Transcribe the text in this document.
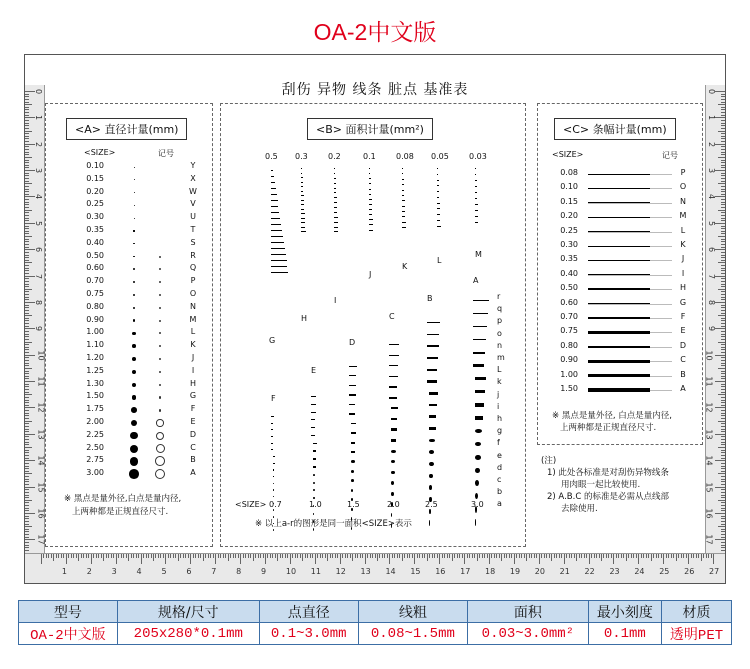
OA-2中文版
0
1
2
3
4
5
6
7
8
9
10
11
12
13
14
15
16
17
0
1
2
3
4
5
6
7
8
9
10
11
12
13
14
15
16
17
1 2 3 4 5 6 7 8 9 10 11 12 13 14 15 16 17 18 19 20 21 22 23 24 25 26 27
刮伤 异物 线条 脏点 基准表
<A> 直径计量(mm)
<SIZE>	记号
0.10	Y
0.15	X
0.20	W
0.25	V
0.30	U
0.35	T
0.40	S
0.50	R
0.60	Q
0.70	P
0.75	O
0.80	N
0.90	M
1.00	L
1.10	K
1.20	J
1.25	I
1.30	H
1.50	G
1.75	F
2.00	E
2.25	D
2.50	C
2.75	B
3.00	A
※ 黑点是量外径,白点是量内径,
上两种都是正规直径尺寸.
<B> 面积计量(mm²)
0.5 0.3	0.2	0.1	0.08 0.05	0.03
G
H
I
J
K
L
M
F
E
D
C
B
A
0.7	1.0	1.5	2.0	2.5	3.0
r
q
p
o
n
m
L
k
j
i
h
g
f
e
d
c
b
a
<SIZE>
※ 以上a-r的图形是同一面积<SIZE>表示
<C> 条幅计量(mm)
<SIZE>	记号
0.08	P
0.10	O
0.15	N
0.20	M
0.25	L
0.30	K
0.35	J
0.40	I
0.50	H
0.60	G
0.70	F
0.75	E
0.80	D
0.90	C
1.00	B
1.50	A
※ 黑点是量外径, 白点是量内径,
上两种都是正规直径尺寸.
(注)
1) 此处各标准是对刮伤异物线条
用肉眼一起比较使用.
2) A.B.C 的标准是必需从点线部
去除使用.
型号	规格/尺寸	点直径	线粗	面积	最小刻度	材质
OA-2中文版	205x280*0.1mm	0.1~3.0mm	0.08~1.5mm	0.03~3.0mm²	0.1mm	透明PET
